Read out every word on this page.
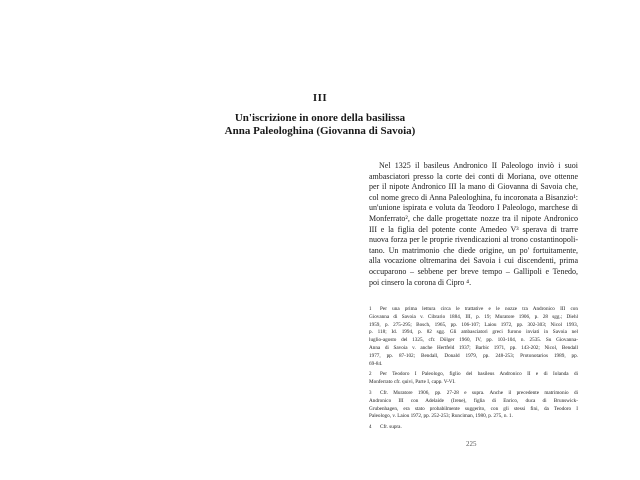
III
Un'iscrizione in onore della basilissa
Anna Paleologhina (Giovanna di Savoia)
Nel 1325 il basileus Andronico II Paleologo inviò i suoi
ambasciatori presso la corte dei conti di Moriana, ove ottenne
per il nipote Andronico III la mano di Giovanna di Savoia che,
col nome greco di Anna Paleologhina, fu incoronata a Bisanzio¹:
un'unione ispirata e voluta da Teodoro I Paleologo, marchese di
Monferrato², che dalle progettate nozze tra il nipote Andronico
III e la figlia del potente conte Amedeo V³ sperava di trarre
nuova forza per le proprie rivendicazioni al trono costantinopoli-
tano. Un matrimonio che diede origine, un po' fortuitamente,
alla vocazione oltremarina dei Savoia i cui discendenti, prima
occuparono – sebbene per breve tempo – Gallipoli e Tenedo,
poi cinsero la corona di Cipro ⁴.
1	Per una prima lettura circa le trattative e le nozze tra Andronico III con
Giovanna di Savoia v. Cibrario 1884, III, p. 19; Muratore 1906, p. 28 sgg.; Diehl
1959, p. 275-295; Bosch, 1965, pp. 106-107; Laiou 1972, pp. 302-303; Nicol 1993,
p. 118; Id. 1994, p. 82 sgg. Gli ambasciatori greci furono inviati in Savoia nel
luglio-agosto del 1325, cfr. Dölger 1960, IV, pp. 103-104, n. 2535. Su Giovanna-
Anna di Savoia v. anche Hertfeld 1937; Barbic 1971, pp. 143-202; Nicol, Bendall
1977, pp. 87-102; Bendall, Donald 1979, pp. 248-253; Protonotarios 1989, pp.
69-84.
2	Per Teodoro I Paleologo, figlio del basileus Andronico II e di Iolanda di
Monferrato cfr. quivi, Parte I, capp. V-VI.
3	Cfr. Muratore 1906, pp. 27-28 e supra. Anche il precedente matrimonio di
Andronico III con Adelaide (Irene), figlia di Enrico, duca di Brunswick-
Grubenhagen, era stato probabilmente suggerito, con gli stessi fini, da Teodoro I
Paleologo, v. Laiou 1972, pp. 252-253; Runciman, 1980, p. 275, n. 1.
4	Cfr. supra.
225
